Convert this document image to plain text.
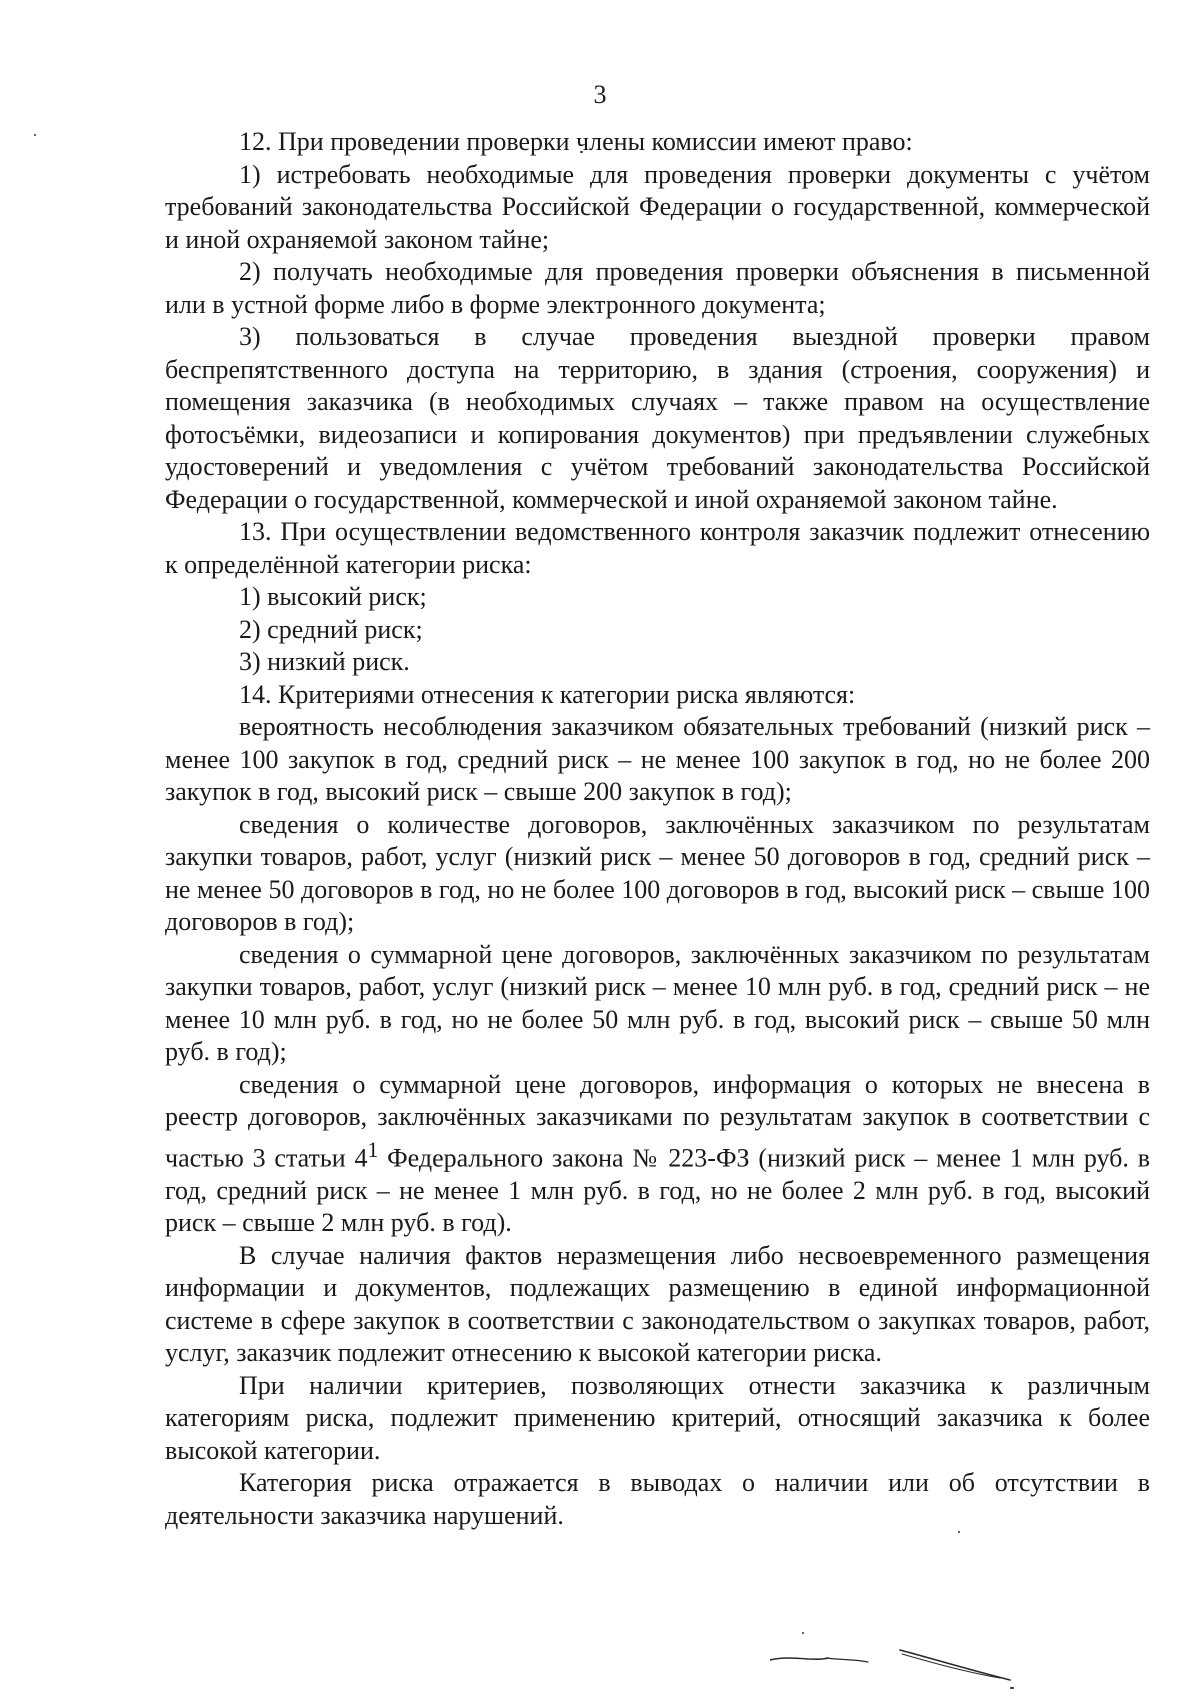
3

12. При проведении проверки члены комиссии имеют право:

1) истребовать необходимые для проведения проверки документы с учётом требований законодательства Российской Федерации о государственной, коммерческой и иной охраняемой законом тайне;

2) получать необходимые для проведения проверки объяснения в письменной или в устной форме либо в форме электронного документа;

3) пользоваться в случае проведения выездной проверки правом беспрепятственного доступа на территорию, в здания (строения, сооружения) и помещения заказчика (в необходимых случаях – также правом на осуществление фотосъёмки, видеозаписи и копирования документов) при предъявлении служебных удостоверений и уведомления с учётом требований законодательства Российской Федерации о государственной, коммерческой и иной охраняемой законом тайне.

13. При осуществлении ведомственного контроля заказчик подлежит отнесению к определённой категории риска:

1) высокий риск;

2) средний риск;

3) низкий риск.

14. Критериями отнесения к категории риска являются:

вероятность несоблюдения заказчиком обязательных требований (низкий риск – менее 100 закупок в год, средний риск – не менее 100 закупок в год, но не более 200 закупок в год, высокий риск – свыше 200 закупок в год);

сведения о количестве договоров, заключённых заказчиком по результатам закупки товаров, работ, услуг (низкий риск – менее 50 договоров в год, средний риск – не менее 50 договоров в год, но не более 100 договоров в год, высокий риск – свыше 100 договоров в год);

сведения о суммарной цене договоров, заключённых заказчиком по результатам закупки товаров, работ, услуг (низкий риск – менее 10 млн руб. в год, средний риск – не менее 10 млн руб. в год, но не более 50 млн руб. в год, высокий риск – свыше 50 млн руб. в год);

сведения о суммарной цене договоров, информация о которых не внесена в реестр договоров, заключённых заказчиками по результатам закупок в соответствии с частью 3 статьи $4^1$ Федерального закона № 223-ФЗ (низкий риск – менее 1 млн руб. в год, средний риск – не менее 1 млн руб. в год, но не более 2 млн руб. в год, высокий риск – свыше 2 млн руб. в год).

В случае наличия фактов неразмещения либо несвоевременного размещения информации и документов, подлежащих размещению в единой информационной системе в сфере закупок в соответствии с законодательством о закупках товаров, работ, услуг, заказчик подлежит отнесению к высокой категории риска.

При наличии критериев, позволяющих отнести заказчика к различным категориям риска, подлежит применению критерий, относящий заказчика к более высокой категории.

Категория риска отражается в выводах о наличии или об отсутствии в деятельности заказчика нарушений.
